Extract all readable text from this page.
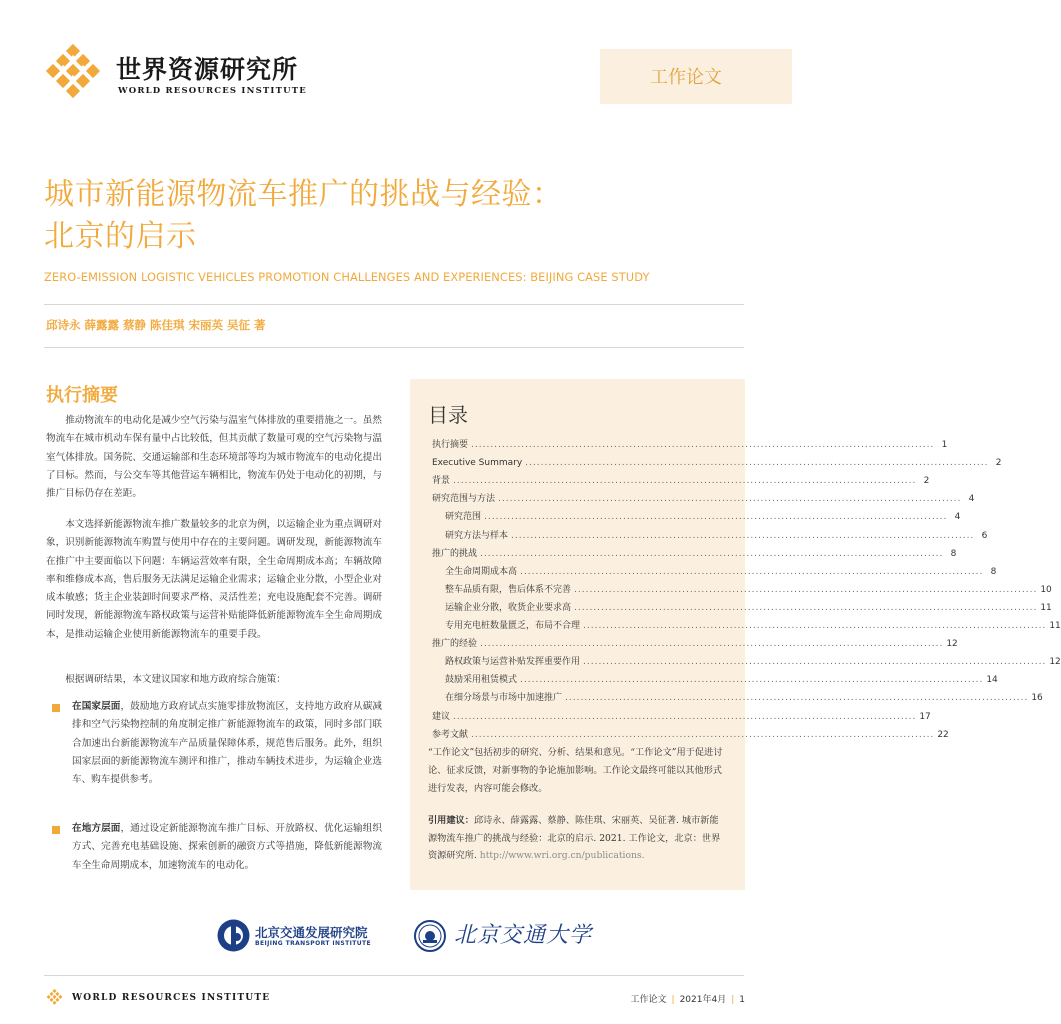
世界资源研究所
WORLD RESOURCES INSTITUTE
工作论文
城市新能源物流车推广的挑战与经验：
北京的启示
ZERO-EMISSION LOGISTIC VEHICLES PROMOTION CHALLENGES AND EXPERIENCES: BEIJING CASE STUDY
邱诗永 薛露露 蔡静 陈佳琪 宋丽英 吴征 著
执行摘要
推动物流车的电动化是减少空气污染与温室气体排放的重要措施之一。虽然物流车在城市机动车保有量中占比较低，但其贡献了数量可观的空气污染物与温室气体排放。国务院、交通运输部和生态环境部等均为城市物流车的电动化提出了目标。然而，与公交车等其他营运车辆相比，物流车仍处于电动化的初期，与推广目标仍存在差距。
本文选择新能源物流车推广数量较多的北京为例，以运输企业为重点调研对象，识别新能源物流车购置与使用中存在的主要问题。调研发现，新能源物流车在推广中主要面临以下问题：车辆运营效率有限，全生命周期成本高；车辆故障率和维修成本高，售后服务无法满足运输企业需求；运输企业分散，小型企业对成本敏感；货主企业装卸时间要求严格、灵活性差；充电设施配套不完善。调研同时发现，新能源物流车路权政策与运营补贴能降低新能源物流车全生命周期成本，是推动运输企业使用新能源物流车的重要手段。
根据调研结果，本文建议国家和地方政府综合施策：
在国家层面，鼓励地方政府试点实施零排放物流区，支持地方政府从碳减排和空气污染物控制的角度制定推广新能源物流车的政策，同时多部门联合加速出台新能源物流车产品质量保障体系，规范售后服务。此外，组织国家层面的新能源物流车测评和推广，推动车辆技术进步，为运输企业选车、购车提供参考。
在地方层面，通过设定新能源物流车推广目标、开放路权、优化运输组织方式、完善充电基础设施、探索创新的融资方式等措施，降低新能源物流车全生命周期成本，加速物流车的电动化。
目录
执行摘要 ........................................................................................................................ 1
Executive Summary ........................................................................................................................ 2
背景 ........................................................................................................................ 2
研究范围与方法 ........................................................................................................................ 4
研究范围 ........................................................................................................................ 4
研究方法与样本 ........................................................................................................................ 6
推广的挑战 ........................................................................................................................ 8
全生命周期成本高 ........................................................................................................................ 8
整车品质有限，售后体系不完善 ........................................................................................................................ 10
运输企业分散，收货企业要求高 ........................................................................................................................ 11
专用充电桩数量匮乏，布局不合理 ........................................................................................................................ 11
推广的经验 ........................................................................................................................ 12
路权政策与运营补贴发挥重要作用 ........................................................................................................................ 12
鼓励采用租赁模式 ........................................................................................................................ 14
在细分场景与市场中加速推广 ........................................................................................................................ 16
建议 ........................................................................................................................ 17
参考文献 ........................................................................................................................ 22
“工作论文”包括初步的研究、分析、结果和意见。“工作论文”用于促进讨论、征求反馈，对新事物的争论施加影响。工作论文最终可能以其他形式进行发表，内容可能会修改。
引用建议：邱诗永、薛露露、蔡静、陈佳琪、宋丽英、吴征著. 城市新能源物流车推广的挑战与经验：北京的启示. 2021. 工作论文，北京：世界资源研究所. http://www.wri.org.cn/publications.
北京交通发展研究院
BEIJING TRANSPORT INSTITUTE	北京交通大学
WORLD RESOURCES INSTITUTE	工作论文 | 2021年4月 | 1
